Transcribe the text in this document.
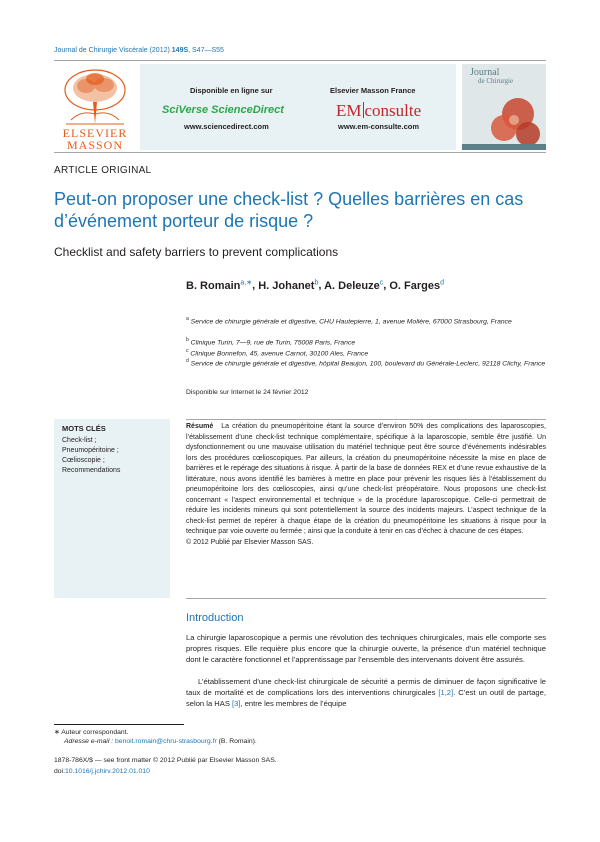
Journal de Chirurgie Viscérale (2012) 149S, S47—S55
ELSEVIER
MASSON
Disponible en ligne sur
SciVerse ScienceDirect
www.sciencedirect.com
Elsevier Masson France
EM consulte
www.em-consulte.com
Journal
de Chirurgie
ARTICLE ORIGINAL
Peut-on proposer une check-list ? Quelles barrières en cas d’événement porteur de risque ?
Checklist and safety barriers to prevent complications
B. Romain$^{a,∗}$, H. Johanet$^b$, A. Deleuze$^c$, O. Farges$^d$
$^a$ Service de chirurgie générale et digestive, CHU Hautepierre, 1, avenue Molière, 67000 Strasbourg, France
$^b$ Clinique Turin, 7—9, rue de Turin, 75008 Paris, France
$^c$ Clinique Bonnefon, 45, avenue Carnot, 30100 Ales, France
$^d$ Service de chirurgie générale et digestive, hôpital Beaujon, 100, boulevard du Générale-Leclerc, 92118 Clichy, France
Disponible sur Internet le 24 février 2012
MOTS CLÉS
Check-list ;
Pneumopéritoine ;
Cœlioscopie ;
Recommendations
Résumé La création du pneumopéritoine étant la source d’environ 50% des complications des laparoscopies, l’établissement d’une check-list technique complémentaire, spécifique à la laparoscopie, semble être justifié. Un dysfonctionnement ou une mauvaise utilisation du matériel technique peut être source d’événements indésirables lors des procédures cœlioscopiques. Par ailleurs, la création du pneumopéritoine nécessite la mise en place de barrières et le repérage des situations à risque. À partir de la base de données REX et d’une revue exhaustive de la littérature, nous avons identifié les barrières à mettre en place pour prévenir les risques liés à l’établissement du pneumopéritoine lors des cœlioscopies, ainsi qu’une check-list préopératoire. Nous proposons une check-list concernant « l’aspect environnemental et technique » de la procédure laparoscopique. Celle-ci permettrait de réduire les incidents mineurs qui sont potentiellement la source des incidents majeurs. L’aspect technique de la check-list permet de repérer à chaque étape de la création du pneumopéritoine les situations à risque pour la technique par voie ouverte ou fermée ; ainsi que la conduite à tenir en cas d’échec à chacune de ces étapes.
© 2012 Publié par Elsevier Masson SAS.
Introduction
La chirurgie laparoscopique a permis une révolution des techniques chirurgicales, mais elle comporte ses propres risques. Elle requière plus encore que la chirurgie ouverte, la présence d’un matériel technique dont le caractère fonctionnel et l’apprentissage par l’ensemble des intervenants doivent être assurés.
L’établissement d’une check-list chirurgicale de sécurité a permis de diminuer de façon significative le taux de mortalité et de complications lors des interventions chirurgicales [1,2]. C’est un outil de partage, selon la HAS [3], entre les membres de l’équipe
∗ Auteur correspondant.
Adresse e-mail : benoit.romain@chru-strasbourg.fr (B. Romain).
1878-786X/$ — see front matter © 2012 Publié par Elsevier Masson SAS.
doi:10.1016/j.jchirv.2012.01.010
